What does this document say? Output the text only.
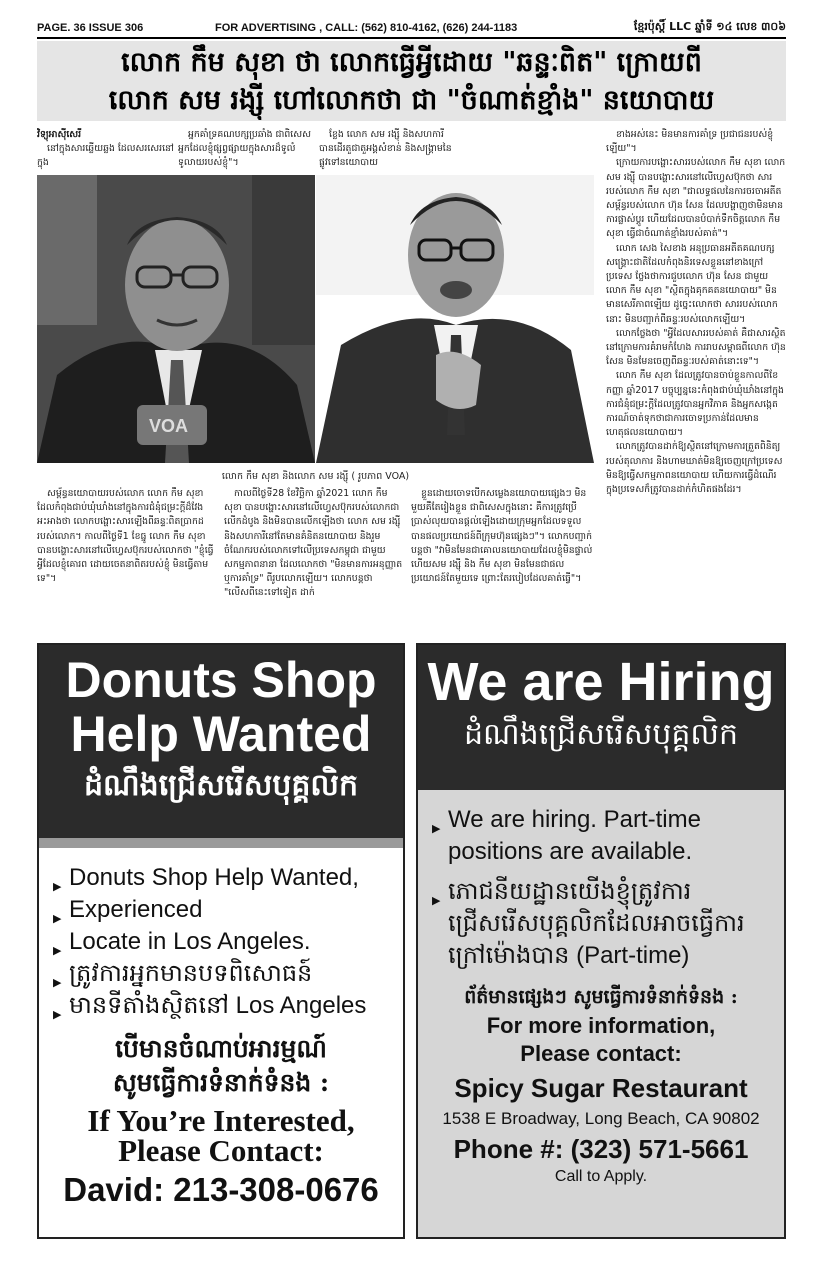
PAGE. 36 ISSUE 306	FOR ADVERTISING , CALL: (562) 810-4162, (626) 244-1183	ខ្មែរប៉ុស្ដិ៍ LLC ឆ្នាំទី ១៤ លេខ ៣០៦
លោក កឹម សុខា ថា លោកធ្វើអ្វីដោយ "ឆន្ទៈពិត" ក្រោយពី
លោក សម រង្ស៊ី ហៅលោកថា ជា "ចំណាត់ខ្មាំង" នយោបាយ
វិទ្យុអាស៊ីសេរី

នៅក្នុងសារឆ្លើយឆ្លង ដែលសរសេរនៅក្នុង

អ្នកគាំទ្រគណបក្សប្រឆាំង ជាពិសេសអ្នកដែលខ្ញុំផ្សព្វផ្សាយក្នុងសារដ៏ទូលំទូលាយរបស់ខ្ញុំ"។

ខ្លែង លោក សម រង្ស៊ី និងសហការីបានដើរតួជាតួអង្គសំខាន់ និងសង្គ្រាមនៃផ្លូវទៅនយោបាយ

ខាងអស់នេះ មិនមានការគាំទ្រ ប្រជាជនរបស់ខ្ញុំឡើយ"។

ក្រោយការបង្ហោះសាររបស់លោក កឹម សុខា លោក សម រង្ស៊ី បានបង្ហោះសារនៅលើហ្វេសប៊ុកថា សាររបស់លោក កឹម សុខា "ជាលទ្ធផលនៃការចរចាអតីតសម្ព័ន្ធរបស់លោក ហ៊ុន សែន ដែលបង្ហាញថាមិនមានការផ្លាស់ប្តូរ ហើយដែលបានបំបាក់ទឹកចិត្តលោក កឹម សុខា ធ្វើជាចំណាត់ខ្មាំងរបស់គាត់"។

លោក សេង សៃខាង អនុប្រធានអតីតគណបក្សសង្គ្រោះជាតិដែលកំពុងនិរទេសខ្លួននៅខាងក្រៅប្រទេស ថ្លែងថាការជួបលោក ហ៊ុន សែន ជាមួយលោក កឹម សុខា "ស្ថិតក្នុងគុកគតនយោបាយ" មិនមានសេរីភាពឡើយ ដូច្នេះលោកថា សាររបស់លោកនោះ មិនបញ្ជាក់ពីឆន្ទៈរបស់លោកឡើយ។

លោកថ្លែងថា "អ្វីដែលសាររបស់គាត់ គឺជាសារស្ថិតនៅក្រោមការគំរាមកំហែង ការរាបសម្ពាធពីលោក ហ៊ុន សែន មិនមែនចេញពីឆន្ទៈរបស់គាត់នោះទេ"។

លោក កឹម សុខា ដែលត្រូវបានចាប់ខ្លួនកាលពីខែកញ្ញា ឆ្នាំ2017 បច្ចុប្បន្ននេះកំពុងជាប់ឃុំឃាំងនៅក្នុងការជំនុំជម្រះក្តីដែលត្រូវបានអ្នកវិភាគ និងអ្នកសង្កេតការណ៍ចាត់ទុកថាជាការចោទប្រកាន់ដែលមានហេតុផលនយោបាយ។

លោកត្រូវបានដាក់ឱ្យស្ថិតនៅក្រោមការត្រួតពិនិត្យរបស់តុលាការ និងហាមឃាត់មិនឱ្យចេញក្រៅប្រទេស មិនឱ្យធ្វើសកម្មភាពនយោបាយ ហើយការធ្វើដំណើរក្នុងប្រទេសក៏ត្រូវបានដាក់កំហិតផងដែរ។

VOA
លោក កឹម សុខា និងលោក សម រង្ស៊ី ( រូបភាព VOA)

សម្ព័ន្ធនយោបាយរបស់លោក លោក កឹម សុខា ដែលកំពុងជាប់ឃុំឃាំងនៅក្នុងការជំនុំជម្រះក្តីដ៏វែង អះអាងថា លោកបង្ហោះសារឡើងពីឆន្ទៈពិតប្រាកដរបស់លោក។ កាលពីថ្ងៃទី1 ខែធ្នូ លោក កឹម សុខា បានបង្ហោះសារនៅលើហ្វេសប៊ុករបស់លោកថា "ខ្ញុំធ្វើអ្វីដែលខ្ញុំគោរព ដោយចេតនាពិតរបស់ខ្ញុំ មិនធ្វើតាមទេ"។

កាលពីថ្ងៃទី28 ខែវិច្ឆិកា ឆ្នាំ2021 លោក កឹម សុខា បានបង្ហោះសារនៅលើហ្វេសប៊ុករបស់លោកជាលើកដំបូង និងមិនបានលើកឡើងថា លោក សម រង្ស៊ី និងសហការីនៅតែមានគំនិតនយោបាយ និងរួមចំណែករបស់លោកទៅលើប្រទេសកម្ពុជា ជាមួយសកម្មភាពនានា ដែលលោកថា "មិនមានការអនុញ្ញាត ឬការគាំទ្រ" ពីរូបលោកឡើយ។ លោកបន្តថា "លើសពីនេះទៅទៀត ដាក់

ខ្លួនដោយចោទបើកសម្លេងនយោបាយផ្សេងៗ មិនមួយគឺតែរៀងខ្លួន ជាពិសេសក្នុងនោះ គឺការត្រូវប្រើប្រាស់លុយបានផ្តល់ឡើងដោយក្រុមអ្នកដែលទទួលបានផលប្រយោជន៍ពីក្រុមហ៊ុនផ្សេងៗ"។ លោកបញ្ជាក់បន្តថា "វាមិនមែនជាគោលនយោបាយដែលខ្ញុំមិនផ្ទាល់ ហើយសម រង្ស៊ី និង កឹម សុខា មិនមែនជាផលប្រយោជន៍តែមួយទេ ព្រោះតែរបៀបដែលគាត់ធ្វើ"។

Donuts Shop
Help Wanted
ដំណឹងជ្រើសរើសបុគ្គលិក
▶ Donuts Shop Help Wanted,
▶ Experienced
▶ Locate in Los Angeles.
▶ ត្រូវការអ្នកមានបទពិសោធន៍
▶ មានទីតាំងស្ថិតនៅ Los Angeles
បើមានចំណាប់អារម្មណ៍
សូមធ្វើការទំនាក់ទំនង :
If You’re Interested,
Please Contact:
David: 213-308-0676
We are Hiring
ដំណឹងជ្រើសរើសបុគ្គលិក
▶ We are hiring. Part-time positions are available.
▶ ភោជនីយដ្ឋានយើងខ្ញុំត្រូវការជ្រើសរើសបុគ្គលិកដែលអាចធ្វើការក្រៅម៉ោងបាន (Part-time)
ព័ត៌មានផ្សេងៗ សូមធ្វើការទំនាក់ទំនង :
For more information,
Please contact:
Spicy Sugar Restaurant
1538 E Broadway, Long Beach, CA 90802
Phone #: (323) 571-5661
Call to Apply.
